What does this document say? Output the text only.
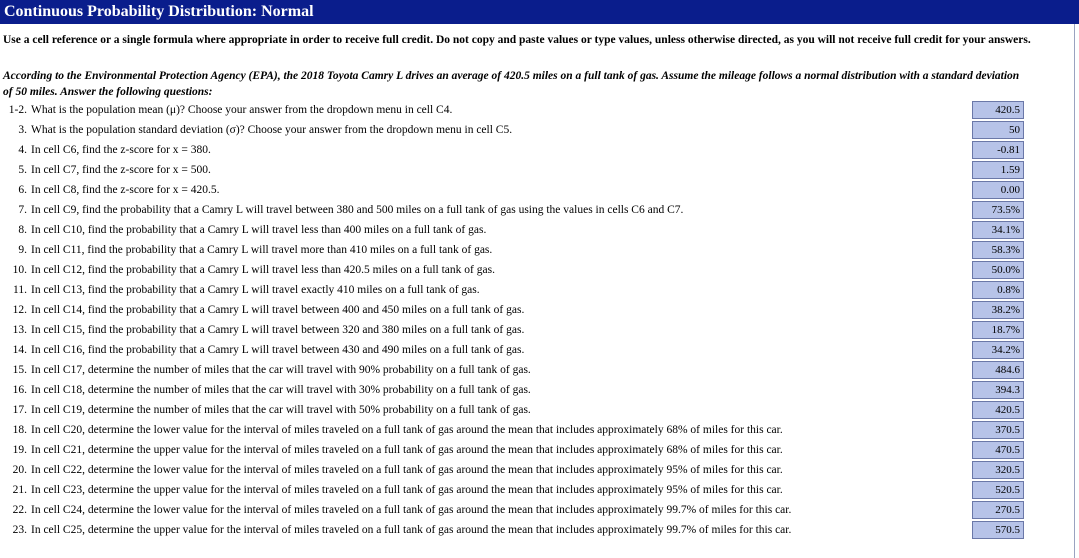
Continuous Probability Distribution: Normal
Use a cell reference or a single formula where appropriate in order to receive full credit. Do not copy and paste values or type values, unless otherwise directed, as you will not receive full credit for your answers.
According to the Environmental Protection Agency (EPA), the 2018 Toyota Camry L drives an average of 420.5 miles on a full tank of gas. Assume the mileage follows a normal distribution with a standard deviation of 50 miles. Answer the following questions:
1-2. What is the population mean (μ)? Choose your answer from the dropdown menu in cell C4.	420.5
3. What is the population standard deviation (σ)? Choose your answer from the dropdown menu in cell C5.	50
4. In cell C6, find the z-score for x = 380.	-0.81
5. In cell C7, find the z-score for x = 500.	1.59
6. In cell C8, find the z-score for x = 420.5.	0.00
7. In cell C9, find the probability that a Camry L will travel between 380 and 500 miles on a full tank of gas using the values in cells C6 and C7.	73.5%
8. In cell C10, find the probability that a Camry L will travel less than 400 miles on a full tank of gas.	34.1%
9. In cell C11, find the probability that a Camry L will travel more than 410 miles on a full tank of gas.	58.3%
10. In cell C12, find the probability that a Camry L will travel less than 420.5 miles on a full tank of gas.	50.0%
11. In cell C13, find the probability that a Camry L will travel exactly 410 miles on a full tank of gas.	0.8%
12. In cell C14, find the probability that a Camry L will travel between 400 and 450 miles on a full tank of gas.	38.2%
13. In cell C15, find the probability that a Camry L will travel between 320 and 380 miles on a full tank of gas.	18.7%
14. In cell C16, find the probability that a Camry L will travel between 430 and 490 miles on a full tank of gas.	34.2%
15. In cell C17, determine the number of miles that the car will travel with 90% probability on a full tank of gas.	484.6
16. In cell C18, determine the number of miles that the car will travel with 30% probability on a full tank of gas.	394.3
17. In cell C19, determine the number of miles that the car will travel with 50% probability on a full tank of gas.	420.5
18. In cell C20, determine the lower value for the interval of miles traveled on a full tank of gas around the mean that includes approximately 68% of miles for this car.	370.5
19. In cell C21, determine the upper value for the interval of miles traveled on a full tank of gas around the mean that includes approximately 68% of miles for this car.	470.5
20. In cell C22, determine the lower value for the interval of miles traveled on a full tank of gas around the mean that includes approximately 95% of miles for this car.	320.5
21. In cell C23, determine the upper value for the interval of miles traveled on a full tank of gas around the mean that includes approximately 95% of miles for this car.	520.5
22. In cell C24, determine the lower value for the interval of miles traveled on a full tank of gas around the mean that includes approximately 99.7% of miles for this car.	270.5
23. In cell C25, determine the upper value for the interval of miles traveled on a full tank of gas around the mean that includes approximately 99.7% of miles for this car.	570.5
